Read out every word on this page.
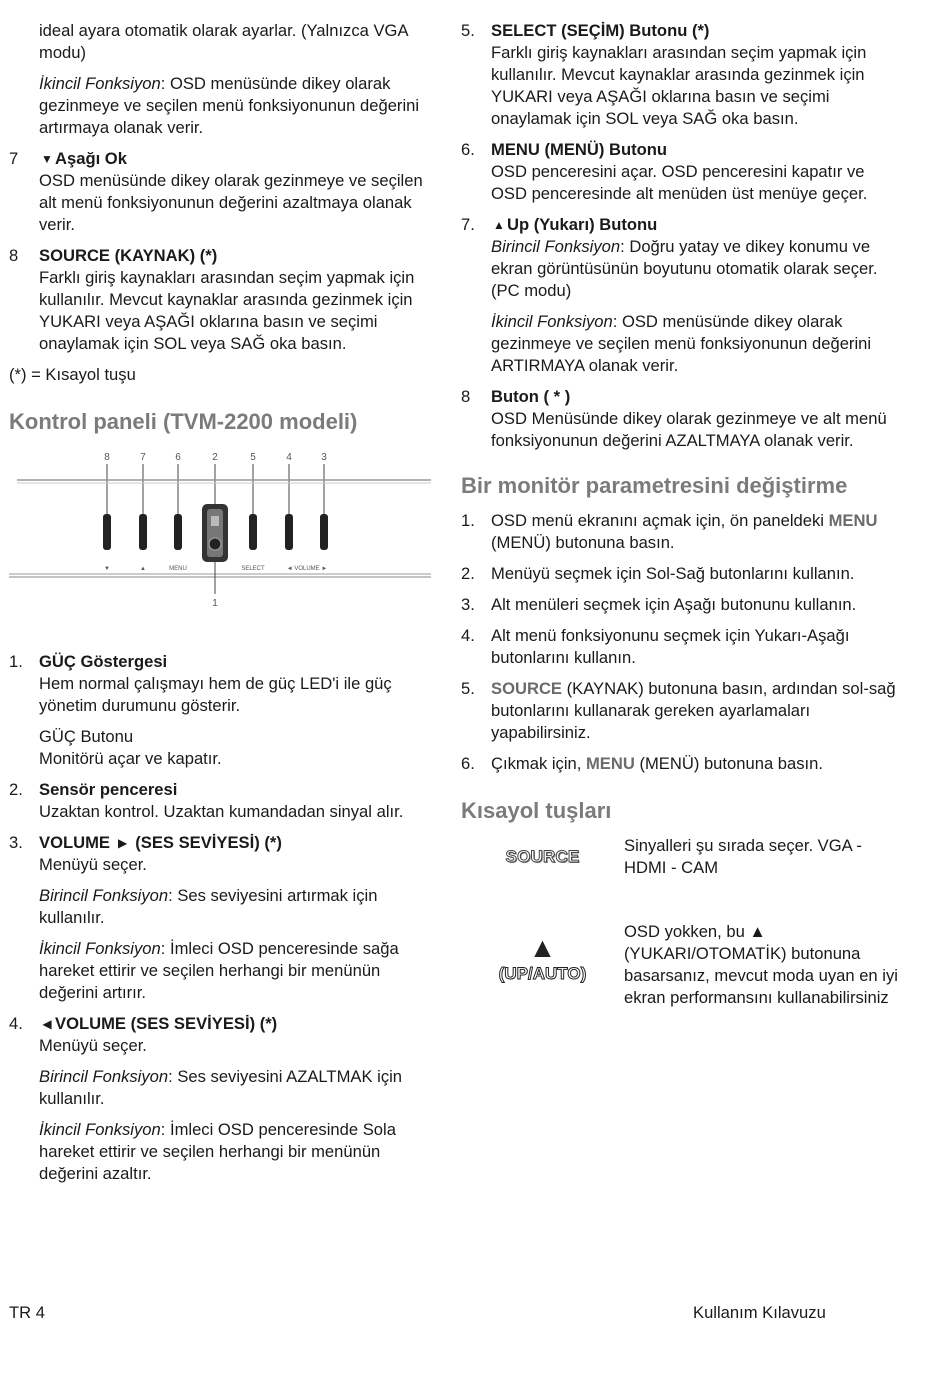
ideal ayara otomatik olarak ayarlar. (Yalnızca VGA modu)

İkincil Fonksiyon: OSD menüsünde dikey olarak gezinmeye ve seçilen menü fonksiyonunun değerini artırmaya olanak verir.

7	▼ Aşağı Ok

OSD menüsünde dikey olarak gezinmeye ve seçilen alt menü fonksiyonunun değerini azaltmaya olanak verir.

8	SOURCE (KAYNAK) (*)

Farklı giriş kaynakları arasından seçim yapmak için kullanılır. Mevcut kaynaklar arasında gezinmek için YUKARI veya AŞAĞI oklarına basın ve seçimi onaylamak için SOL veya SAĞ oka basın.

(*) = Kısayol tuşu

Kontrol paneli (TVM-2200 modeli)
8	7	6	2	5	4	3
▼	▲	MENU	SELECT	◄ VOLUME ►
1
1. GÜÇ Göstergesi

Hem normal çalışmayı hem de güç LED'i ile güç yönetim durumunu gösterir.

GÜÇ Butonu

Monitörü açar ve kapatır.

2. Sensör penceresi

Uzaktan kontrol. Uzaktan kumandadan sinyal alır.

3. VOLUME ▶ (SES SEVİYESİ) (*)

Menüyü seçer.

Birincil Fonksiyon: Ses seviyesini artırmak için kullanılır.

İkincil Fonksiyon: İmleci OSD penceresinde sağa hareket ettirir ve seçilen herhangi bir menünün değerini artırır.

4.	◀ VOLUME (SES SEVİYESİ) (*)

Menüyü seçer.

Birincil Fonksiyon: Ses seviyesini AZALTMAK için kullanılır.

İkincil Fonksiyon: İmleci OSD penceresinde Sola hareket ettirir ve seçilen herhangi bir menünün değerini azaltır.

5. SELECT (SEÇİM) Butonu (*)

Farklı giriş kaynakları arasından seçim yapmak için kullanılır. Mevcut kaynaklar arasında gezinmek için YUKARI veya AŞAĞI oklarına basın ve seçimi onaylamak için SOL veya SAĞ oka basın.

6. MENU (MENÜ) Butonu

OSD penceresini açar. OSD penceresini kapatır ve OSD penceresinde alt menüden üst menüye geçer.

7.	▲ Up (Yukarı) Butonu

Birincil Fonksiyon: Doğru yatay ve dikey konumu ve ekran görüntüsünün boyutunu otomatik olarak seçer. (PC modu)

İkincil Fonksiyon: OSD menüsünde dikey olarak gezinmeye ve seçilen menü fonksiyonunun değerini ARTIRMAYA olanak verir.

8	Buton ( * )

OSD Menüsünde dikey olarak gezinmeye ve alt menü fonksiyonunun değerini AZALTMAYA olanak verir.

Bir monitör parametresini değiştirme
1. OSD menü ekranını açmak için, ön paneldeki MENU (MENÜ) butonuna basın.

2. Menüyü seçmek için Sol-Sağ butonlarını kullanın.

3. Alt menüleri seçmek için Aşağı butonunu kullanın.

4. Alt menü fonksiyonunu seçmek için Yukarı-Aşağı butonlarını kullanın.

5. SOURCE (KAYNAK) butonuna basın, ardından sol-sağ butonlarını kullanarak gereken ayarlamaları yapabilirsiniz.

6. Çıkmak için, MENU (MENÜ) butonuna basın.

Kısayol tuşları
SOURCE

Sinyalleri şu sırada seçer. VGA - HDMI - CAM

▲
(UP/AUTO)

OSD yokken, bu ▲ (YUKARI/OTOMATİK) butonuna basarsanız, mevcut moda uyan en iyi ekran performansını kullanabilirsiniz

TR 4	Kullanım Kılavuzu
